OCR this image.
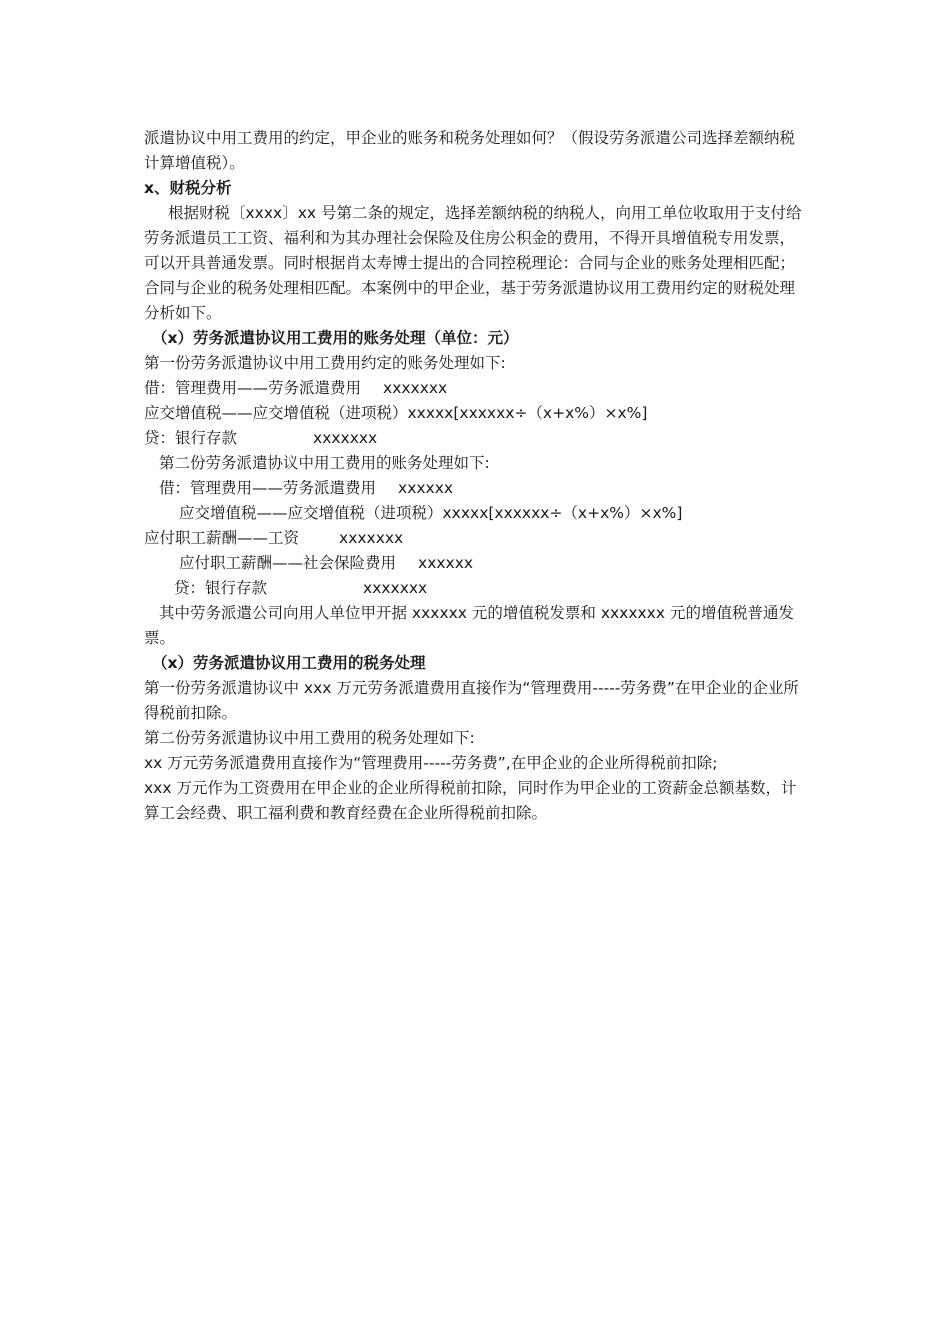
派遣协议中用工费用的约定，甲企业的账务和税务处理如何？（假设劳务派遣公司选择差额纳税计算增值税）。

x、财税分析

根据财税〔xxxx〕xx 号第二条的规定，选择差额纳税的纳税人，向用工单位收取用于支付给劳务派遣员工工资、福利和为其办理社会保险及住房公积金的费用，不得开具增值税专用发票，可以开具普通发票。同时根据肖太寿博士提出的合同控税理论：合同与企业的账务处理相匹配；合同与企业的税务处理相匹配。本案例中的甲企业，基于劳务派遣协议用工费用约定的财税处理分析如下。

（x）劳务派遣协议用工费用的账务处理（单位：元）

第一份劳务派遣协议中用工费用约定的账务处理如下:

借：管理费用——劳务派遣费用 xxxxxxx

应交增值税——应交增值税（进项税）xxxxx[xxxxxx÷（x+x%）×x%]

贷：银行存款	xxxxxxx

第二份劳务派遣协议中用工费用的账务处理如下:

借：管理费用——劳务派遣费用 xxxxxx

应交增值税——应交增值税（进项税）xxxxx[xxxxxx÷（x+x%）×x%]

应付职工薪酬——工资	xxxxxxx

应付职工薪酬——社会保险费用 xxxxxx

贷：银行存款	xxxxxxx

其中劳务派遣公司向用人单位甲开据 xxxxxx 元的增值税发票和 xxxxxxx 元的增值税普通发票。

（x）劳务派遣协议用工费用的税务处理

第一份劳务派遣协议中 xxx 万元劳务派遣费用直接作为“管理费用-----劳务费”在甲企业的企业所得税前扣除。

第二份劳务派遣协议中用工费用的税务处理如下:

xx 万元劳务派遣费用直接作为“管理费用-----劳务费”,在甲企业的企业所得税前扣除;

xxx 万元作为工资费用在甲企业的企业所得税前扣除，同时作为甲企业的工资薪金总额基数，计算工会经费、职工福利费和教育经费在企业所得税前扣除。
